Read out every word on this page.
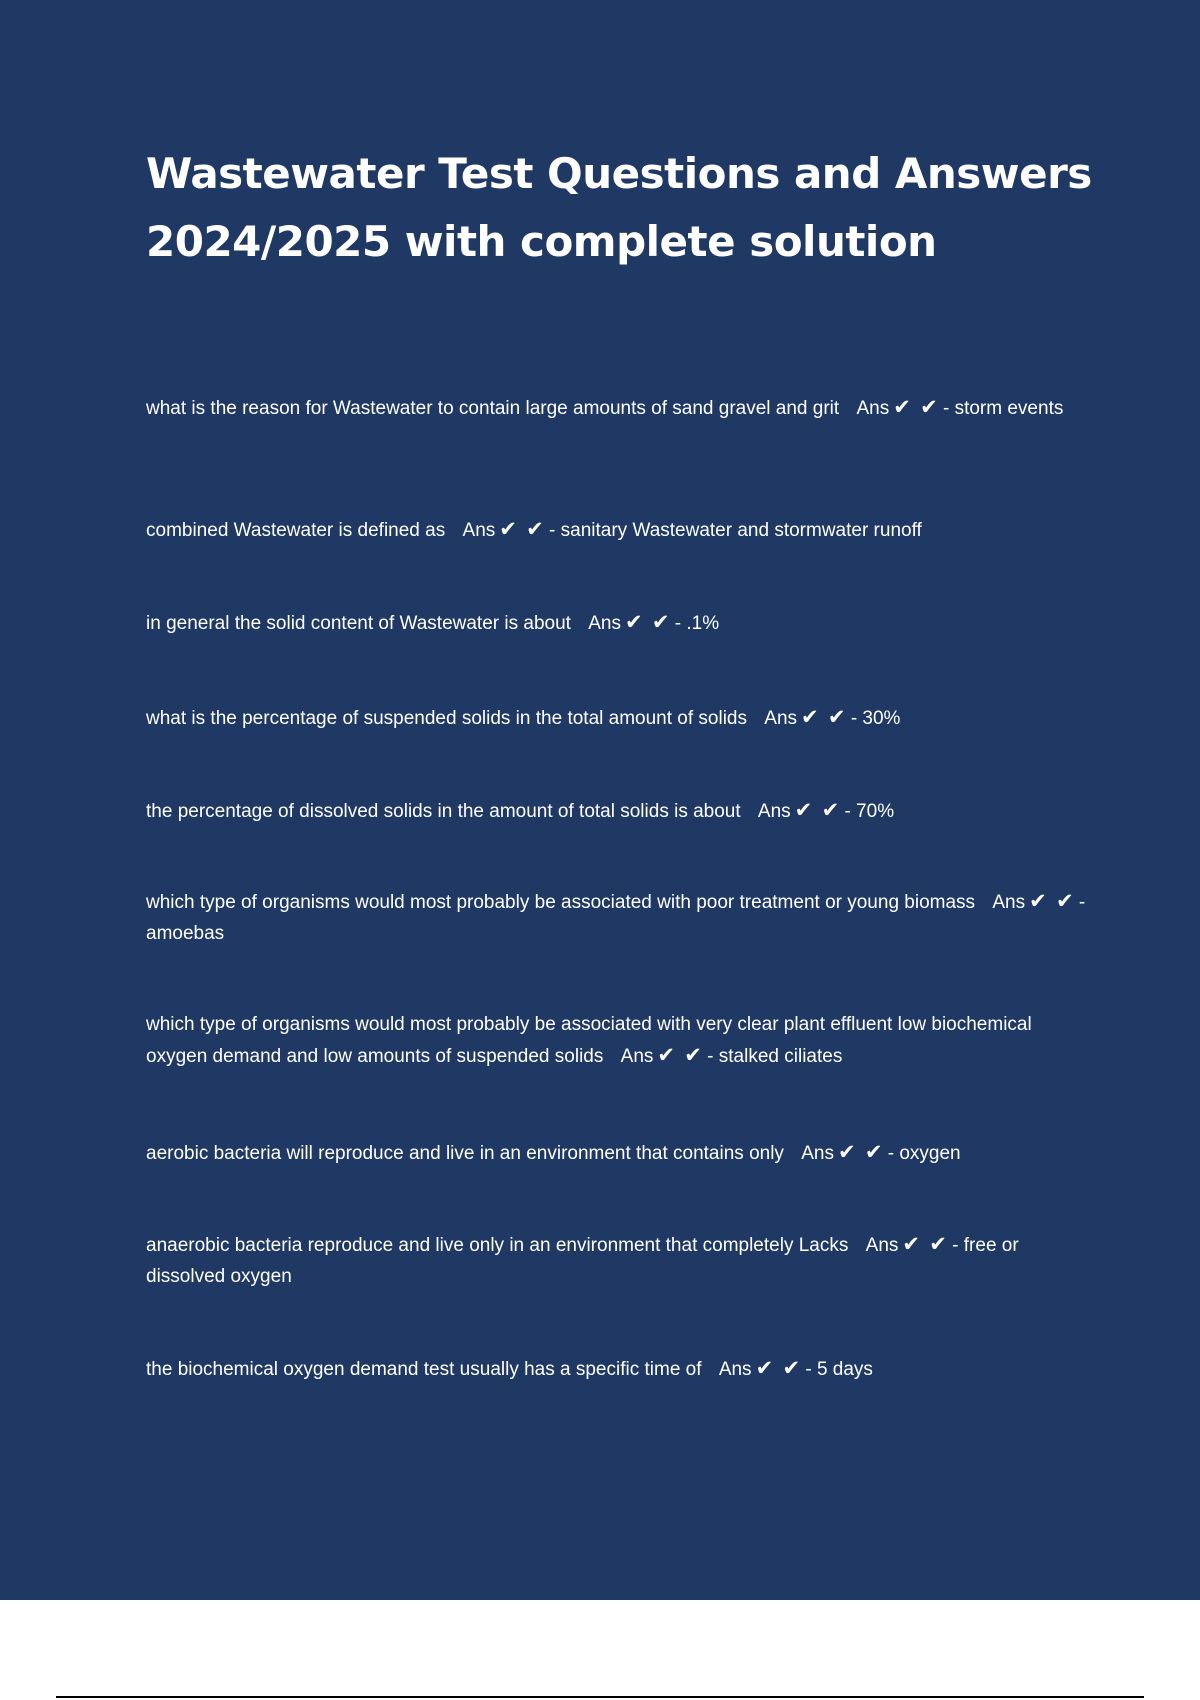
Wastewater Test Questions and Answers
2024/2025 with complete solution

what is the reason for Wastewater to contain large amounts of sand gravel and grit Ans ✔ ✔ - storm events

combined Wastewater is defined as Ans ✔ ✔ - sanitary Wastewater and stormwater runoff

in general the solid content of Wastewater is about Ans ✔ ✔ - .1%

what is the percentage of suspended solids in the total amount of solids Ans ✔ ✔ - 30%

the percentage of dissolved solids in the amount of total solids is about Ans ✔ ✔ - 70%

which type of organisms would most probably be associated with poor treatment or young biomass Ans ✔ ✔ - amoebas

which type of organisms would most probably be associated with very clear plant effluent low biochemical oxygen demand and low amounts of suspended solids Ans ✔ ✔ - stalked ciliates

aerobic bacteria will reproduce and live in an environment that contains only Ans ✔ ✔ - oxygen

anaerobic bacteria reproduce and live only in an environment that completely Lacks Ans ✔ ✔ - free or dissolved oxygen

the biochemical oxygen demand test usually has a specific time of Ans ✔ ✔ - 5 days
